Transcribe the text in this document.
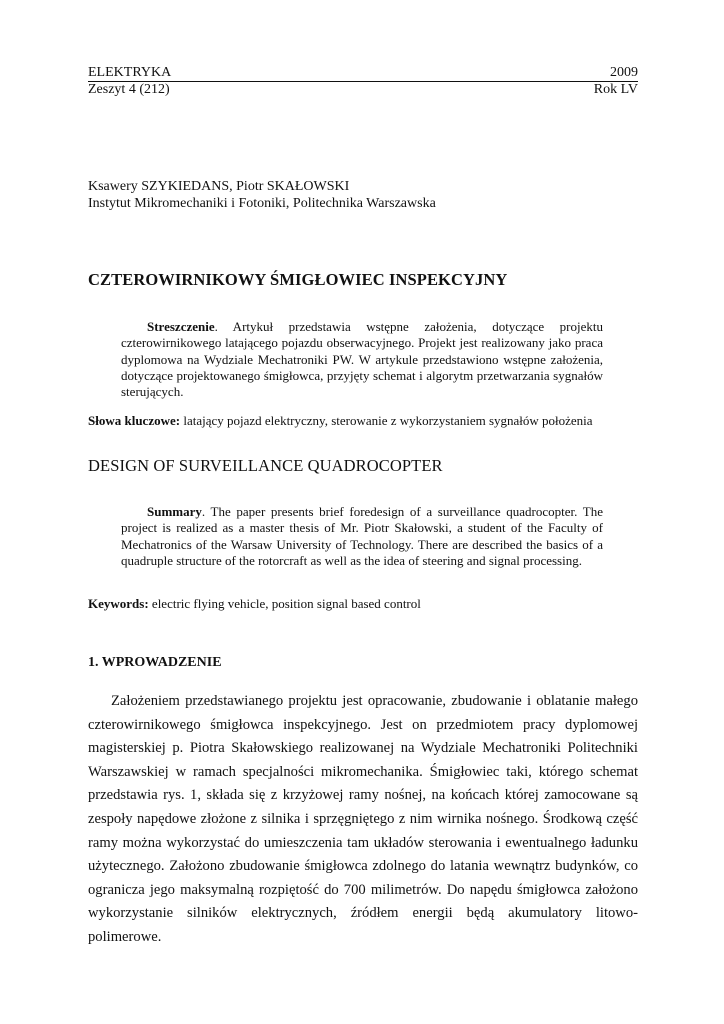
ELEKTRYKA	2009
Zeszyt 4 (212)	Rok LV
Ksawery SZYKIEDANS, Piotr SKAŁOWSKI
Instytut Mikromechaniki i Fotoniki, Politechnika Warszawska
CZTEROWIRNIKOWY ŚMIGŁOWIEC INSPEKCYJNY
Streszczenie. Artykuł przedstawia wstępne założenia, dotyczące projektu czterowirnikowego latającego pojazdu obserwacyjnego. Projekt jest realizowany jako praca dyplomowa na Wydziale Mechatroniki PW. W artykule przedstawiono wstępne założenia, dotyczące projektowanego śmigłowca, przyjęty schemat i algorytm przetwarzania sygnałów sterujących.
Słowa kluczowe: latający pojazd elektryczny, sterowanie z wykorzystaniem sygnałów położenia
DESIGN OF SURVEILLANCE QUADROCOPTER
Summary. The paper presents brief foredesign of a surveillance quadrocopter. The project is realized as a master thesis of Mr. Piotr Skałowski, a student of the Faculty of Mechatronics of the Warsaw University of Technology. There are described the basics of a quadruple structure of the rotorcraft as well as the idea of steering and signal processing.
Keywords: electric flying vehicle, position signal based control
1. WPROWADZENIE
Założeniem przedstawianego projektu jest opracowanie, zbudowanie i oblatanie małego czterowirnikowego śmigłowca inspekcyjnego. Jest on przedmiotem pracy dyplomowej magisterskiej p. Piotra Skałowskiego realizowanej na Wydziale Mechatroniki Politechniki Warszawskiej w ramach specjalności mikromechanika. Śmigłowiec taki, którego schemat przedstawia rys. 1, składa się z krzyżowej ramy nośnej, na końcach której zamocowane są zespoły napędowe złożone z silnika i sprzęgniętego z nim wirnika nośnego. Środkową część ramy można wykorzystać do umieszczenia tam układów sterowania i ewentualnego ładunku użytecznego. Założono zbudowanie śmigłowca zdolnego do latania wewnątrz budynków, co ogranicza jego maksymalną rozpiętość do 700 milimetrów. Do napędu śmigłowca założono wykorzystanie silników elektrycznych, źródłem energii będą akumulatory litowo-polimerowe.
